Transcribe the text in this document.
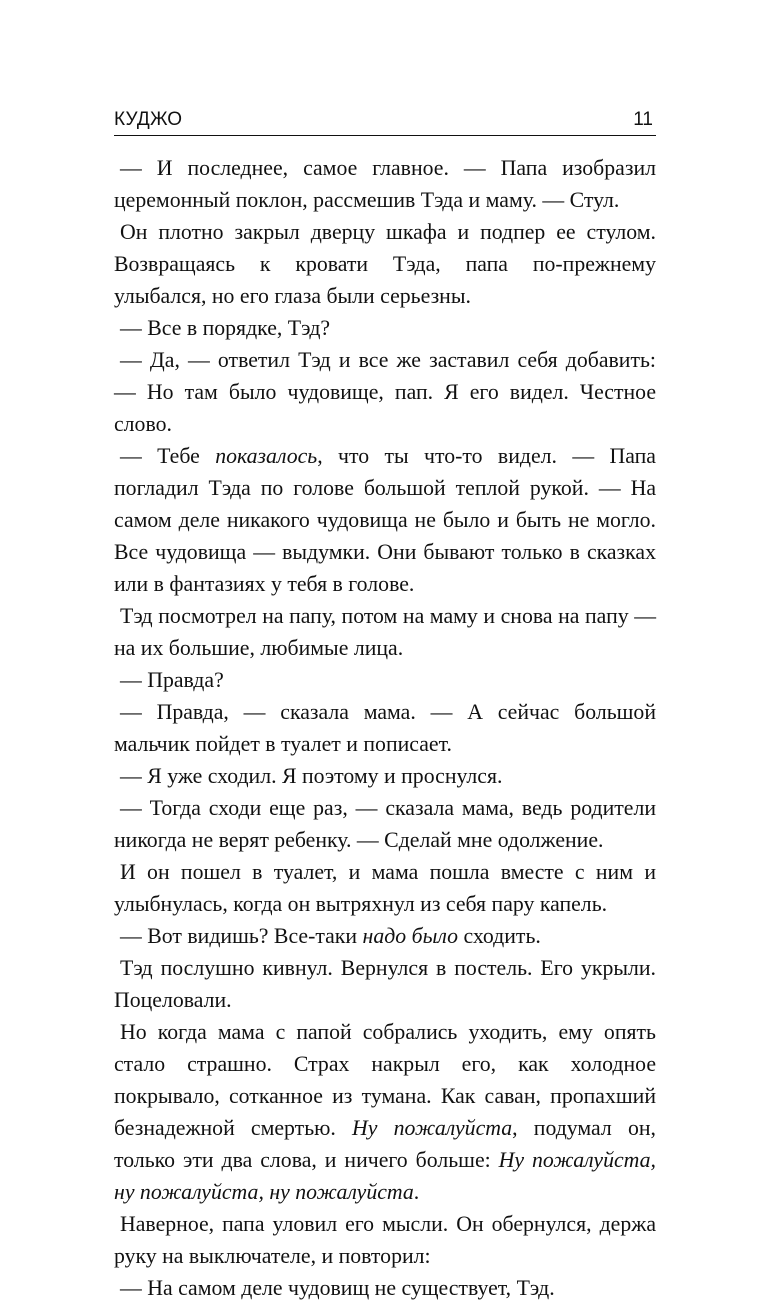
КУДЖО	11

— И последнее, самое главное. — Папа изобразил церемонный поклон, рассмешив Тэда и маму. — Стул.

Он плотно закрыл дверцу шкафа и подпер ее стулом. Возвращаясь к кровати Тэда, папа по-прежнему улыбался, но его глаза были серьезны.

— Все в порядке, Тэд?

— Да, — ответил Тэд и все же заставил себя добавить: — Но там было чудовище, пап. Я его видел. Честное слово.

— Тебе показалось, что ты что-то видел. — Папа погладил Тэда по голове большой теплой рукой. — На самом деле никакого чудовища не было и быть не могло. Все чудовища — выдумки. Они бывают только в сказках или в фантазиях у тебя в голове.

Тэд посмотрел на папу, потом на маму и снова на папу — на их большие, любимые лица.

— Правда?

— Правда, — сказала мама. — А сейчас большой мальчик пойдет в туалет и пописает.

— Я уже сходил. Я поэтому и проснулся.

— Тогда сходи еще раз, — сказала мама, ведь родители никогда не верят ребенку. — Сделай мне одолжение.

И он пошел в туалет, и мама пошла вместе с ним и улыбнулась, когда он вытряхнул из себя пару капель.

— Вот видишь? Все-таки надо было сходить.

Тэд послушно кивнул. Вернулся в постель. Его укрыли. Поцеловали.

Но когда мама с папой собрались уходить, ему опять стало страшно. Страх накрыл его, как холодное покрывало, сотканное из тумана. Как саван, пропахший безнадежной смертью. Ну пожалуйста, подумал он, только эти два слова, и ничего больше: Ну пожалуйста, ну пожалуйста, ну пожалуйста.

Наверное, папа уловил его мысли. Он обернулся, держа руку на выключателе, и повторил:

— На самом деле чудовищ не существует, Тэд.
